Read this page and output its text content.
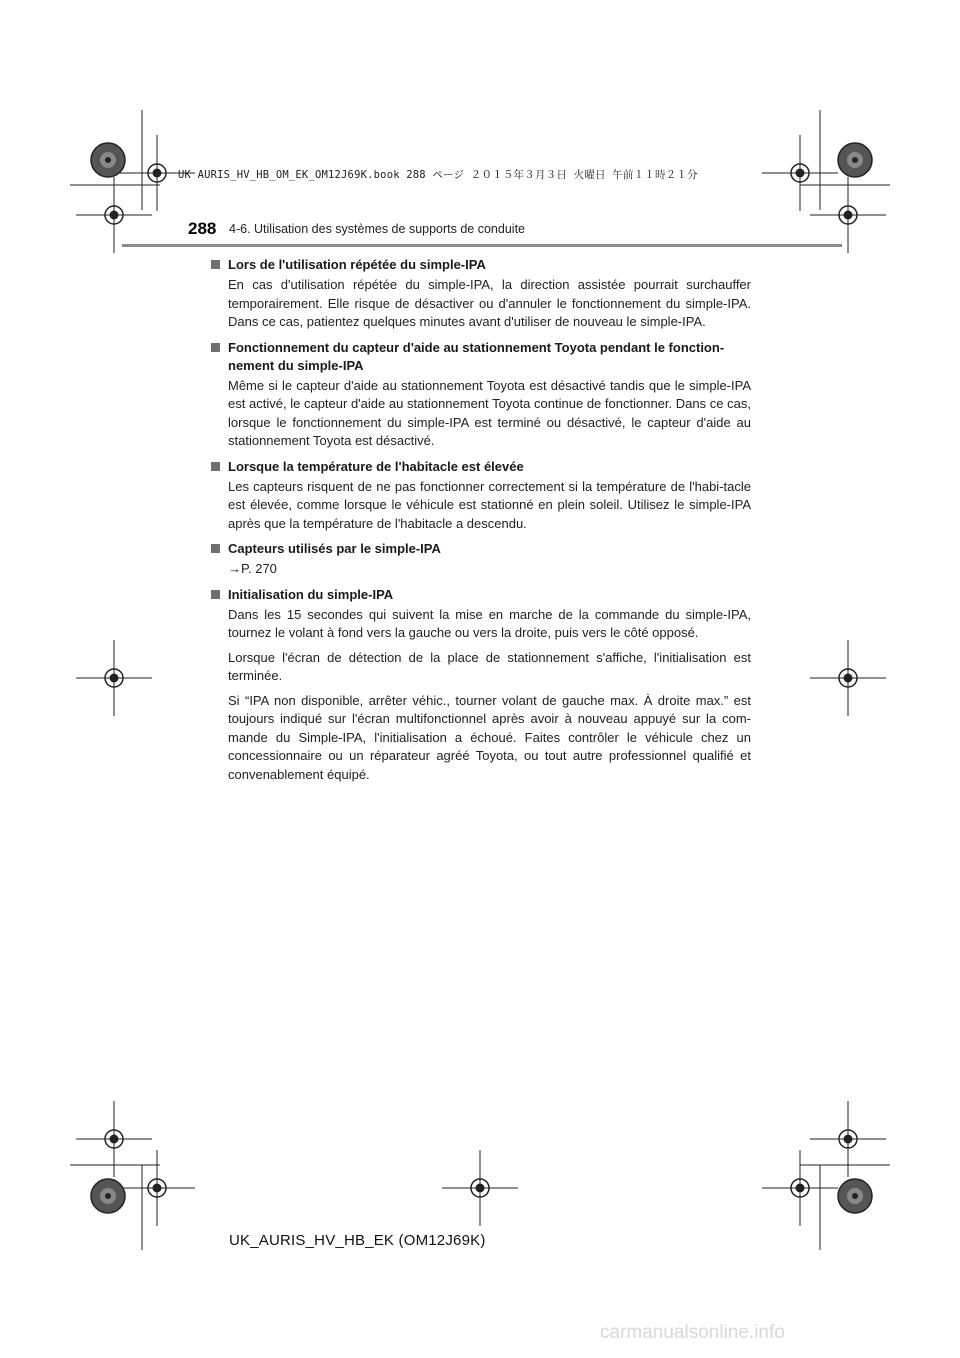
UK AURIS_HV_HB_OM_EK_OM12J69K.book 288 ページ ２０１５年３月３日 火曜日 午前１１時２１分
288 4-6. Utilisation des systèmes de supports de conduite
Lors de l'utilisation répétée du simple-IPA

En cas d'utilisation répétée du simple-IPA, la direction assistée pourrait surchauffer temporairement. Elle risque de désactiver ou d'annuler le fonctionnement du simple-IPA. Dans ce cas, patientez quelques minutes avant d'utiliser de nouveau le simple-IPA.

Fonctionnement du capteur d'aide au stationnement Toyota pendant le fonction-nement du simple-IPA

Même si le capteur d'aide au stationnement Toyota est désactivé tandis que le simple-IPA est activé, le capteur d'aide au stationnement Toyota continue de fonctionner. Dans ce cas, lorsque le fonctionnement du simple-IPA est terminé ou désactivé, le capteur d'aide au stationnement Toyota est désactivé.

Lorsque la température de l'habitacle est élevée

Les capteurs risquent de ne pas fonctionner correctement si la température de l'habi-tacle est élevée, comme lorsque le véhicule est stationné en plein soleil. Utilisez le simple-IPA après que la température de l'habitacle a descendu.

Capteurs utilisés par le simple-IPA

→P. 270

Initialisation du simple-IPA

Dans les 15 secondes qui suivent la mise en marche de la commande du simple-IPA, tournez le volant à fond vers la gauche ou vers la droite, puis vers le côté opposé.

Lorsque l'écran de détection de la place de stationnement s'affiche, l'initialisation est terminée.

Si “IPA non disponible, arrêter véhic., tourner volant de gauche max. À droite max.” est toujours indiqué sur l'écran multifonctionnel après avoir à nouveau appuyé sur la com-mande du Simple-IPA, l'initialisation a échoué. Faites contrôler le véhicule chez un concessionnaire ou un réparateur agréé Toyota, ou tout autre professionnel qualifié et convenablement équipé.

UK_AURIS_HV_HB_EK (OM12J69K)
carmanualsonline.info
